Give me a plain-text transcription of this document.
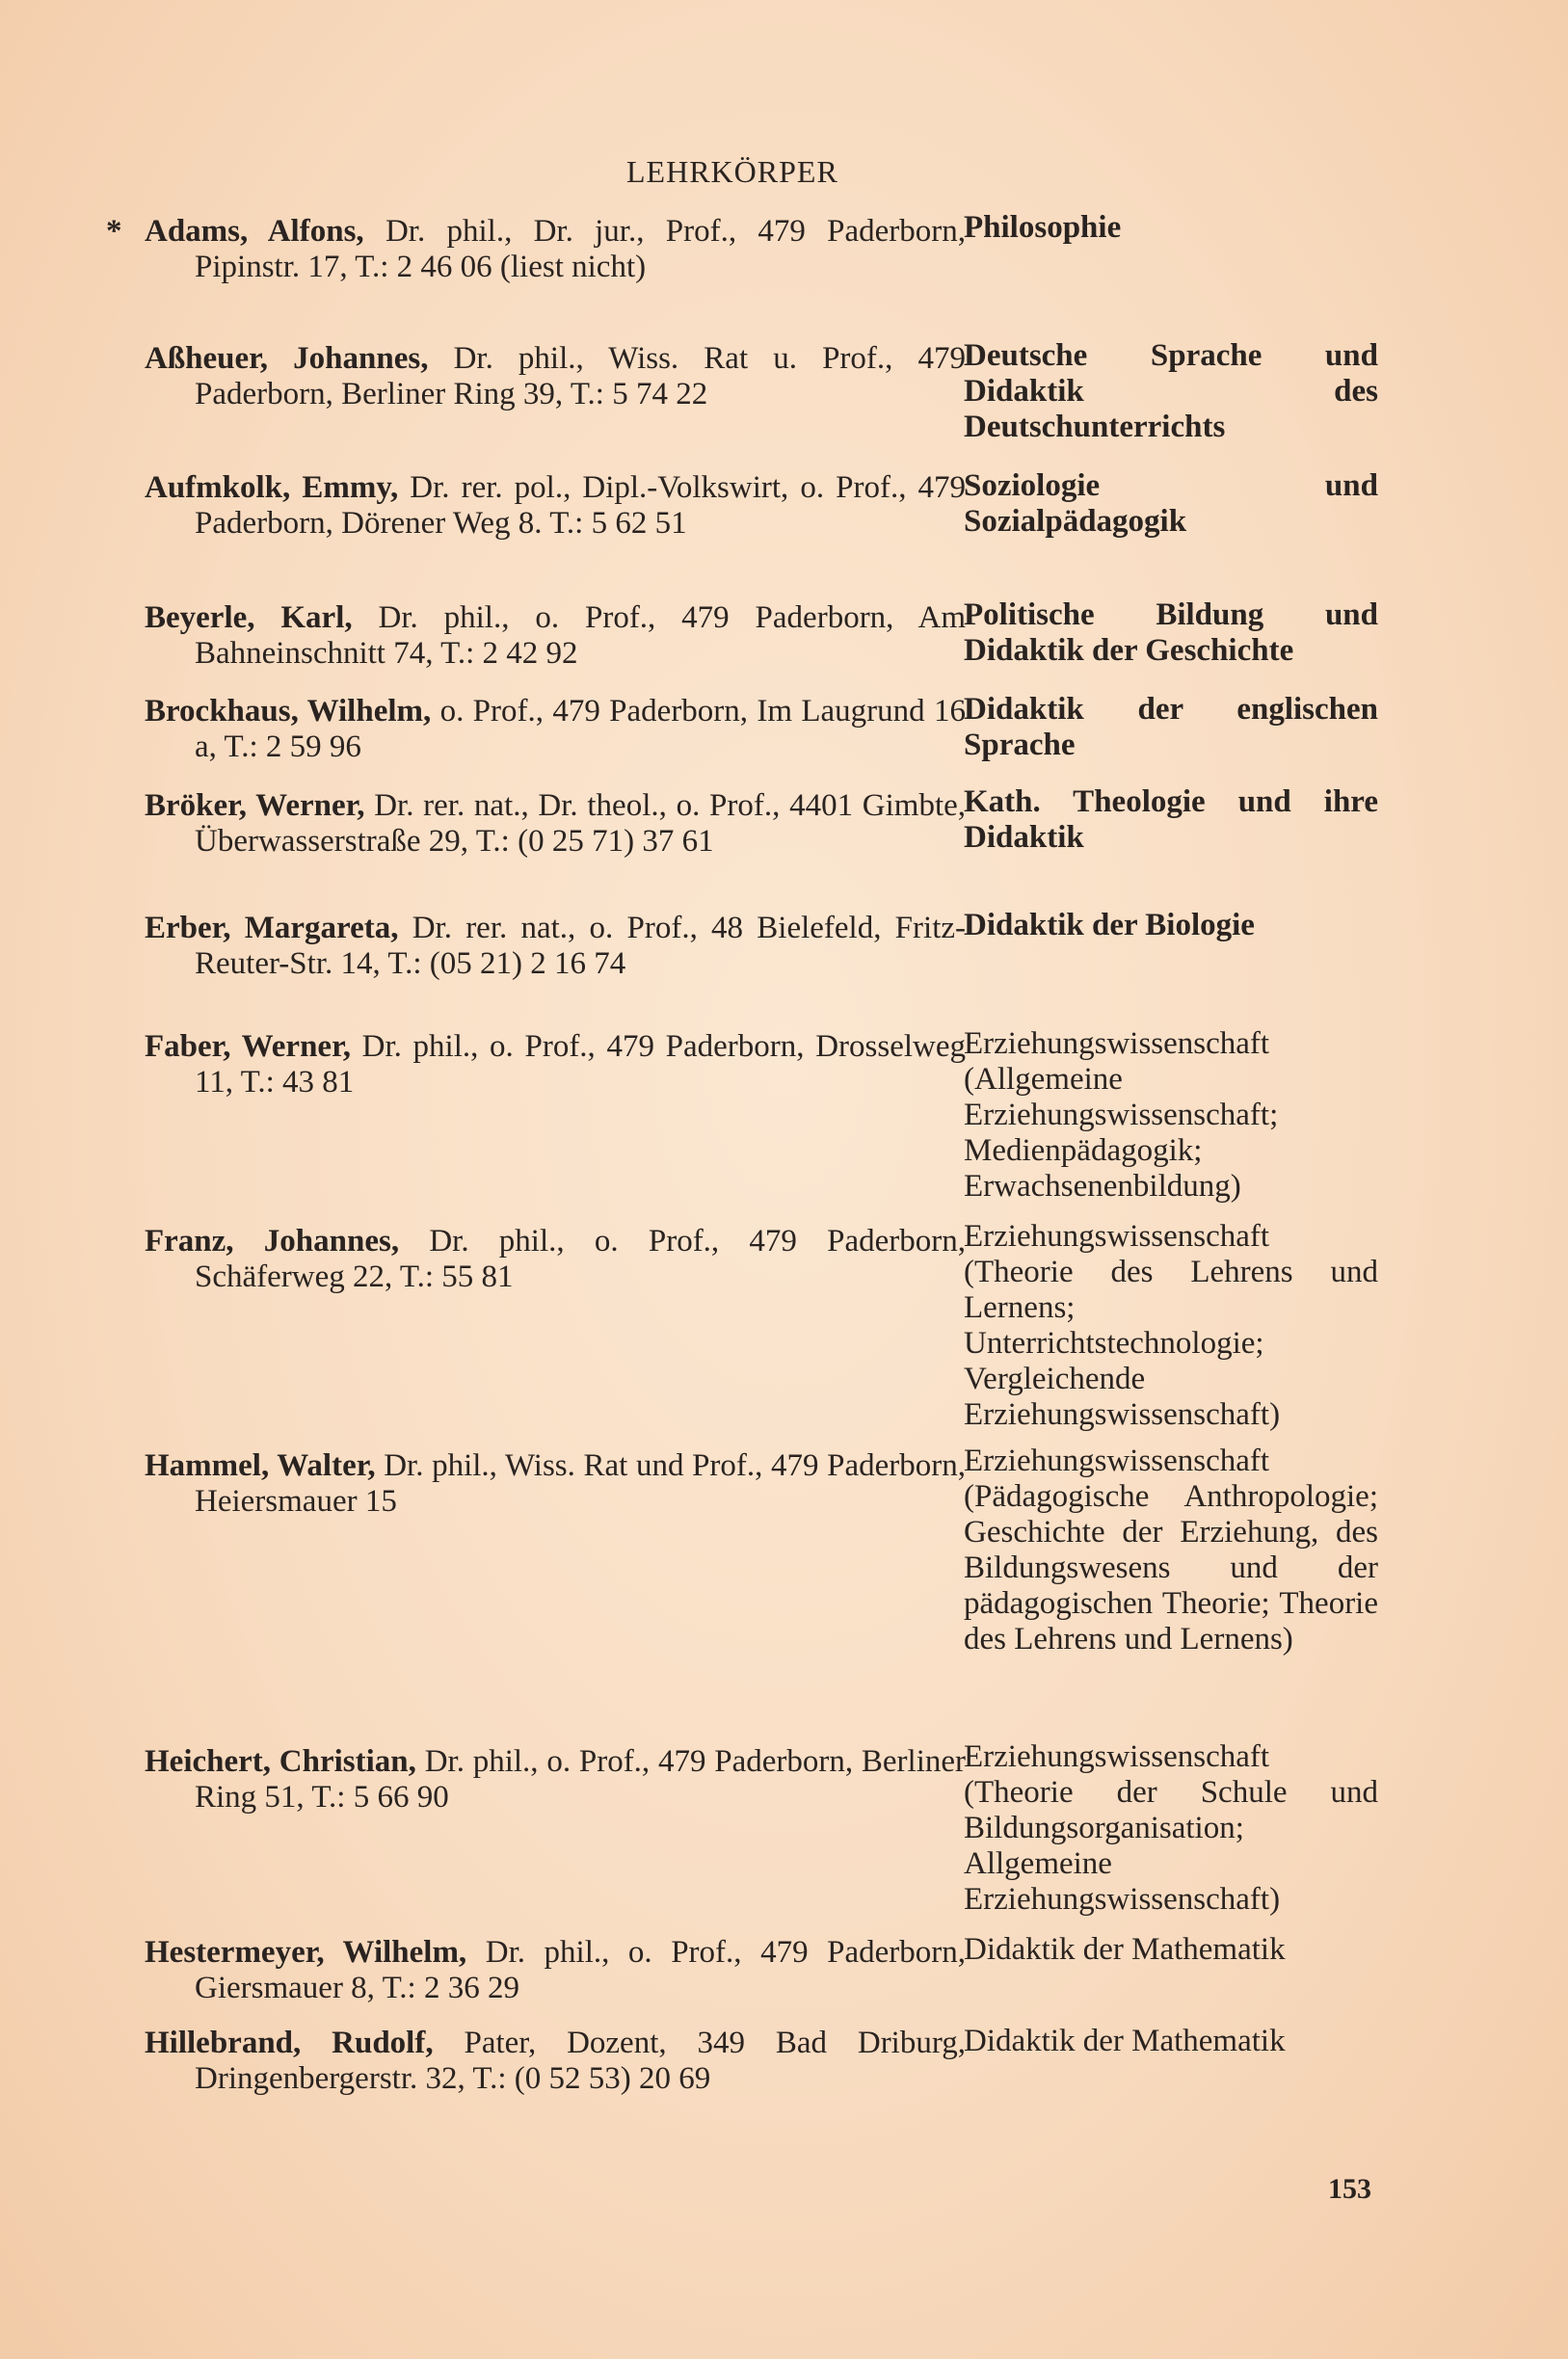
LEHRKÖRPER
* Adams, Alfons, Dr. phil., Dr. jur., Prof., 479 Paderborn, Pipinstr. 17, T.: 2 46 06 (liest nicht)
Philosophie
Aßheuer, Johannes, Dr. phil., Wiss. Rat u. Prof., 479 Paderborn, Berliner Ring 39, T.: 5 74 22
Deutsche Sprache und Didaktik des Deutschunterrichts
Aufmkolk, Emmy, Dr. rer. pol., Dipl.-Volkswirt, o. Prof., 479 Paderborn, Dörener Weg 8. T.: 5 62 51
Soziologie und Sozialpädagogik
Beyerle, Karl, Dr. phil., o. Prof., 479 Paderborn, Am Bahneinschnitt 74, T.: 2 42 92
Politische Bildung und Didaktik der Geschichte
Brockhaus, Wilhelm, o. Prof., 479 Paderborn, Im Laugrund 16 a, T.: 2 59 96
Didaktik der englischen Sprache
Bröker, Werner, Dr. rer. nat., Dr. theol., o. Prof., 4401 Gimbte, Überwasserstraße 29, T.: (0 25 71) 37 61
Kath. Theologie und ihre Didaktik
Erber, Margareta, Dr. rer. nat., o. Prof., 48 Bielefeld, Fritz-Reuter-Str. 14, T.: (05 21) 2 16 74
Didaktik der Biologie
Faber, Werner, Dr. phil., o. Prof., 479 Paderborn, Drosselweg 11, T.: 43 81
Erziehungswissenschaft (Allgemeine Erziehungswissenschaft; Medienpädagogik; Erwachsenenbildung)
Franz, Johannes, Dr. phil., o. Prof., 479 Paderborn, Schäferweg 22, T.: 55 81
Erziehungswissenschaft (Theorie des Lehrens und Lernens; Unterrichtstechnologie; Vergleichende Erziehungswissenschaft)
Hammel, Walter, Dr. phil., Wiss. Rat und Prof., 479 Paderborn, Heiersmauer 15
Erziehungswissenschaft (Pädagogische Anthropologie; Geschichte der Erziehung, des Bildungswesens und der pädagogischen Theorie; Theorie des Lehrens und Lernens)
Heichert, Christian, Dr. phil., o. Prof., 479 Paderborn, Berliner Ring 51, T.: 5 66 90
Erziehungswissenschaft (Theorie der Schule und Bildungsorganisation; Allgemeine Erziehungswissenschaft)
Hestermeyer, Wilhelm, Dr. phil., o. Prof., 479 Paderborn, Giersmauer 8, T.: 2 36 29
Didaktik der Mathematik
Hillebrand, Rudolf, Pater, Dozent, 349 Bad Driburg, Dringenbergerstr. 32, T.: (0 52 53) 20 69
Didaktik der Mathematik
153
